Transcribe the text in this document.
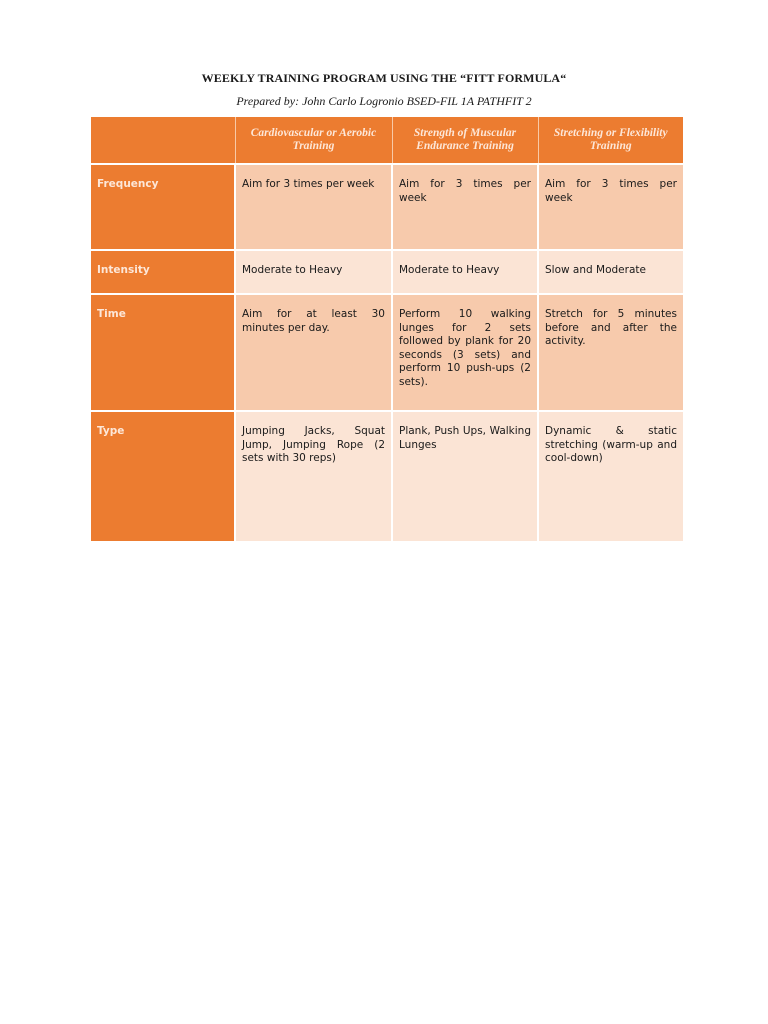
WEEKLY TRAINING PROGRAM USING THE “FITT FORMULA“
Prepared by: John Carlo Logronio BSED-FIL 1A PATHFIT 2
	Cardiovascular or Aerobic Training	Strength of Muscular Endurance Training	Stretching or Flexibility Training
Frequency	Aim for 3 times per week	Aim for 3 times per week	Aim for 3 times per week
Intensity	Moderate to Heavy	Moderate to Heavy	Slow and Moderate
Time	Aim for at least 30 minutes per day.	Perform 10 walking lunges for 2 sets followed by plank for 20 seconds (3 sets) and perform 10 push-ups (2 sets).	Stretch for 5 minutes before and after the activity.
Type	Jumping Jacks, Squat Jump, Jumping Rope (2 sets with 30 reps)	Plank, Push Ups, Walking Lunges	Dynamic & static stretching (warm-up and cool-down)
